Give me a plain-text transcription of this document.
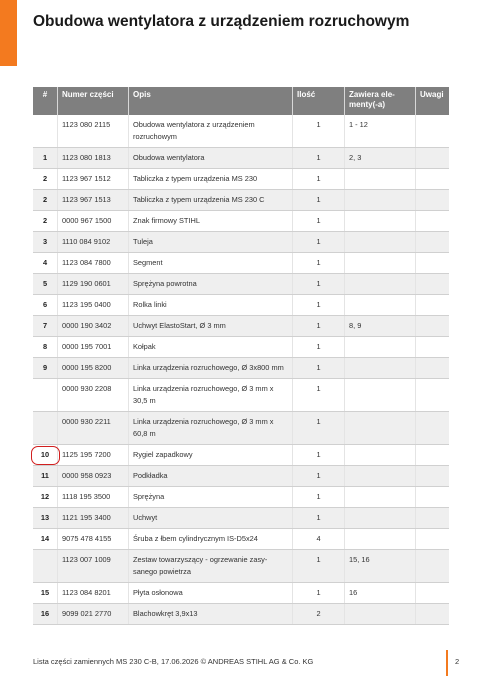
Obudowa wentylatora z urządzeniem rozruchowym
#	Numer części	Opis	Ilość	Zawiera ele-menty(-a)	Uwagi
	1123 080 2115	Obudowa wentylatora z urządzeniem rozruchowym	1	1 - 12	
1	1123 080 1813	Obudowa wentylatora	1	2, 3	
2	1123 967 1512	Tabliczka z typem urządzenia MS 230	1		
2	1123 967 1513	Tabliczka z typem urządzenia MS 230 C	1		
2	0000 967 1500	Znak firmowy STIHL	1		
3	1110 084 9102	Tuleja	1		
4	1123 084 7800	Segment	1		
5	1129 190 0601	Sprężyna powrotna	1		
6	1123 195 0400	Rolka linki	1		
7	0000 190 3402	Uchwyt ElastoStart, Ø 3 mm	1	8, 9	
8	0000 195 7001	Kołpak	1		
9	0000 195 8200	Linka urządzenia rozruchowego, Ø 3x800 mm	1		
	0000 930 2208	Linka urządzenia rozruchowego, Ø 3 mm x 30,5 m	1		
	0000 930 2211	Linka urządzenia rozruchowego, Ø 3 mm x 60,8 m	1		
10	1125 195 7200	Rygiel zapadkowy	1		
11	0000 958 0923	Podkładka	1		
12	1118 195 3500	Sprężyna	1		
13	1121 195 3400	Uchwyt	1		
14	9075 478 4155	Śruba z łbem cylindrycznym IS-D5x24	4		
	1123 007 1009	Zestaw towarzyszący - ogrzewanie zasy-sanego powietrza	1	15, 16	
15	1123 084 8201	Płyta osłonowa	1	16	
16	9099 021 2770	Blachowkręt 3,9x13	2		
Lista części zamiennych MS 230 C-B, 17.06.2026 © ANDREAS STIHL AG & Co. KG	2
